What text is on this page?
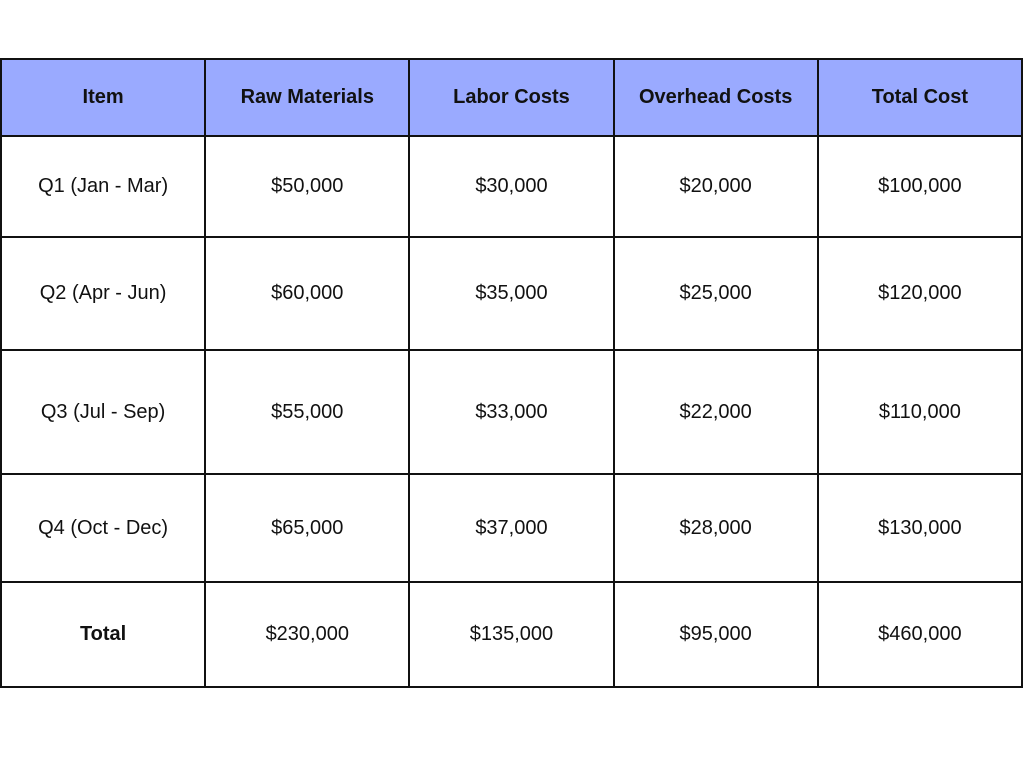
Item	Raw Materials	Labor Costs	Overhead Costs	Total Cost
Q1 (Jan - Mar)	$50,000	$30,000	$20,000	$100,000
Q2 (Apr - Jun)	$60,000	$35,000	$25,000	$120,000
Q3 (Jul - Sep)	$55,000	$33,000	$22,000	$110,000
Q4 (Oct - Dec)	$65,000	$37,000	$28,000	$130,000
Total	$230,000	$135,000	$95,000	$460,000
